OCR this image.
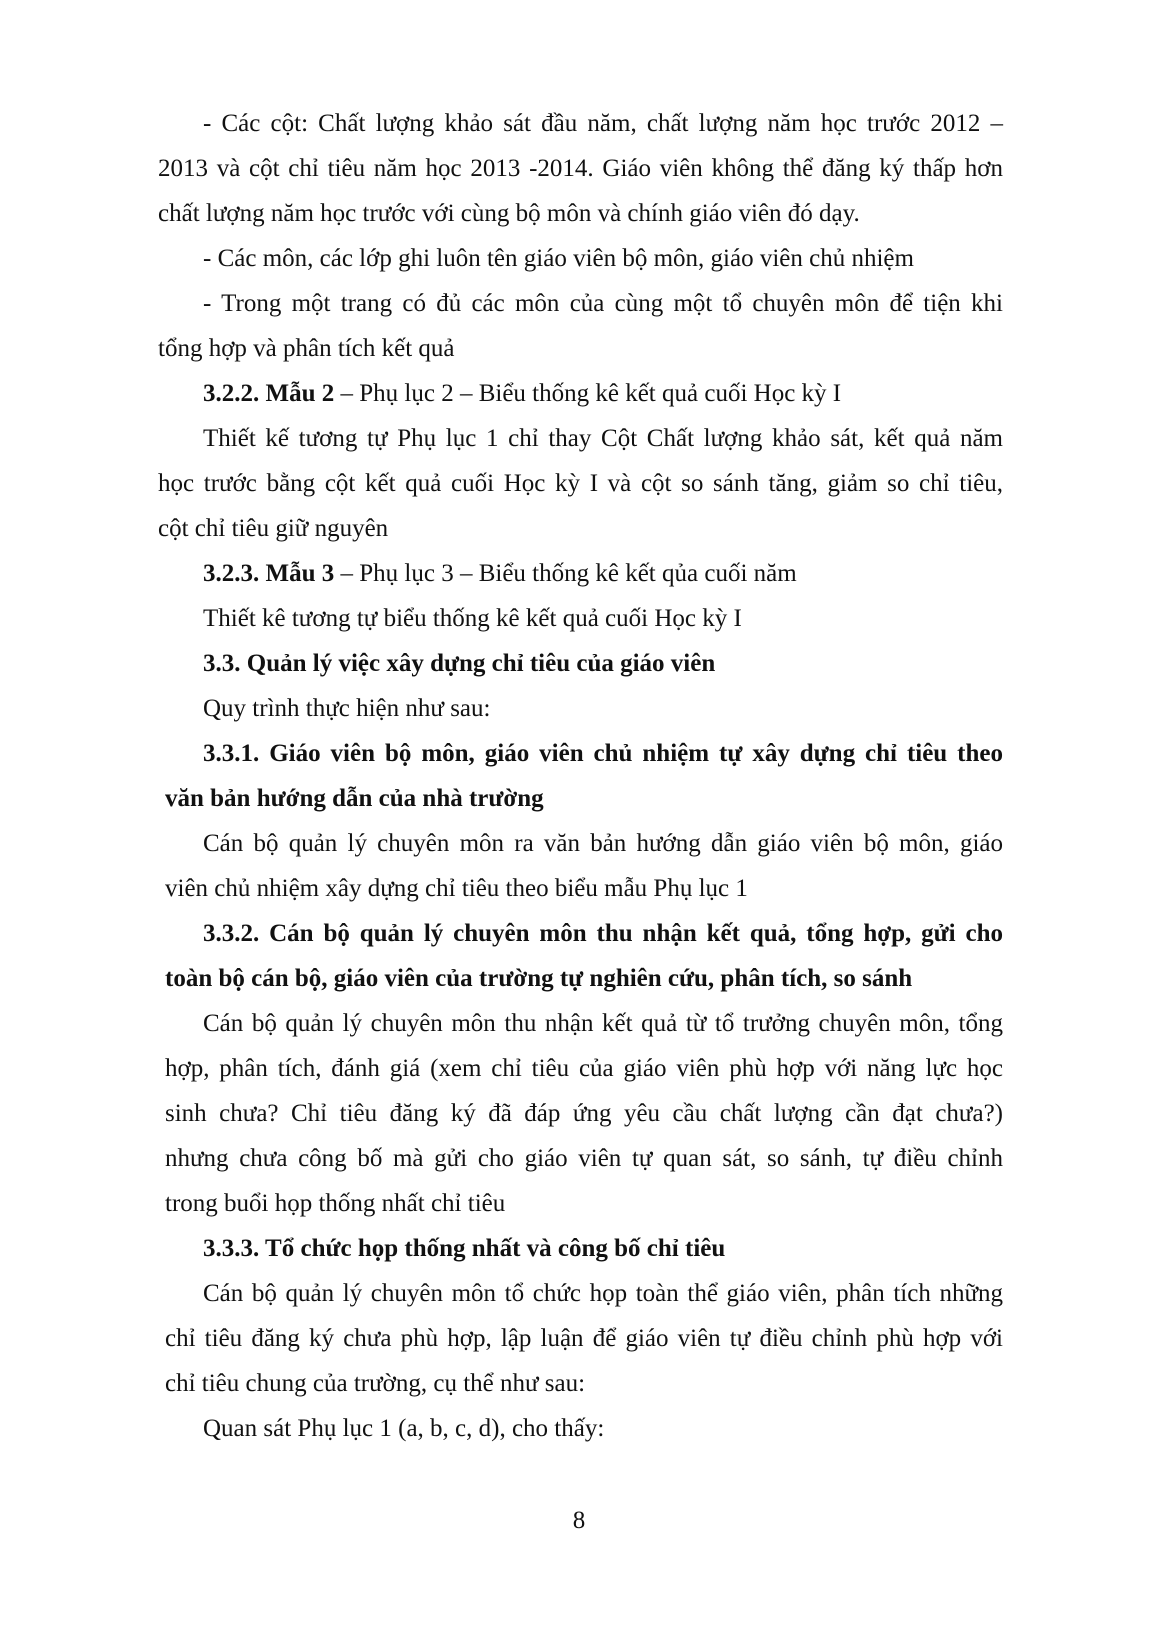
- Các cột: Chất lượng khảo sát đầu năm, chất lượng năm học trước 2012 –
2013 và cột chỉ tiêu năm học 2013 -2014. Giáo viên không thể đăng ký thấp hơn
chất lượng năm học trước với cùng bộ môn và chính giáo viên đó dạy.
- Các môn, các lớp ghi luôn tên giáo viên bộ môn, giáo viên chủ nhiệm
- Trong một trang có đủ các môn của cùng một tổ chuyên môn để tiện khi
tổng hợp và phân tích kết quả
3.2.2. Mẫu 2 – Phụ lục 2 – Biểu thống kê kết quả cuối Học kỳ I
Thiết kế tương tự Phụ lục 1 chỉ thay Cột Chất lượng khảo sát, kết quả năm
học trước bằng cột kết quả cuối Học kỳ I và cột so sánh tăng, giảm so chỉ tiêu,
cột chỉ tiêu giữ nguyên
3.2.3. Mẫu 3 – Phụ lục 3 – Biểu thống kê kết qủa cuối năm
Thiết kê tương tự biểu thống kê kết quả cuối Học kỳ I
3.3. Quản lý việc xây dựng chỉ tiêu của giáo viên
Quy trình thực hiện như sau:
3.3.1. Giáo viên bộ môn, giáo viên chủ nhiệm tự xây dựng chỉ tiêu theo
văn bản hướng dẫn của nhà trường
Cán bộ quản lý chuyên môn ra văn bản hướng dẫn giáo viên bộ môn, giáo
viên chủ nhiệm xây dựng chỉ tiêu theo biểu mẫu Phụ lục 1
3.3.2. Cán bộ quản lý chuyên môn thu nhận kết quả, tổng hợp, gửi cho
toàn bộ cán bộ, giáo viên của trường tự nghiên cứu, phân tích, so sánh
Cán bộ quản lý chuyên môn thu nhận kết quả từ tổ trưởng chuyên môn, tổng
hợp, phân tích, đánh giá (xem chỉ tiêu của giáo viên phù hợp với năng lực học
sinh chưa? Chỉ tiêu đăng ký đã đáp ứng yêu cầu chất lượng cần đạt chưa?)
nhưng chưa công bố mà gửi cho giáo viên tự quan sát, so sánh, tự điều chỉnh
trong buổi họp thống nhất chỉ tiêu
3.3.3. Tổ chức họp thống nhất và công bố chỉ tiêu
Cán bộ quản lý chuyên môn tổ chức họp toàn thể giáo viên, phân tích những
chỉ tiêu đăng ký chưa phù hợp, lập luận để giáo viên tự điều chỉnh phù hợp với
chỉ tiêu chung của trường, cụ thể như sau:
Quan sát Phụ lục 1 (a, b, c, d), cho thấy:
8
